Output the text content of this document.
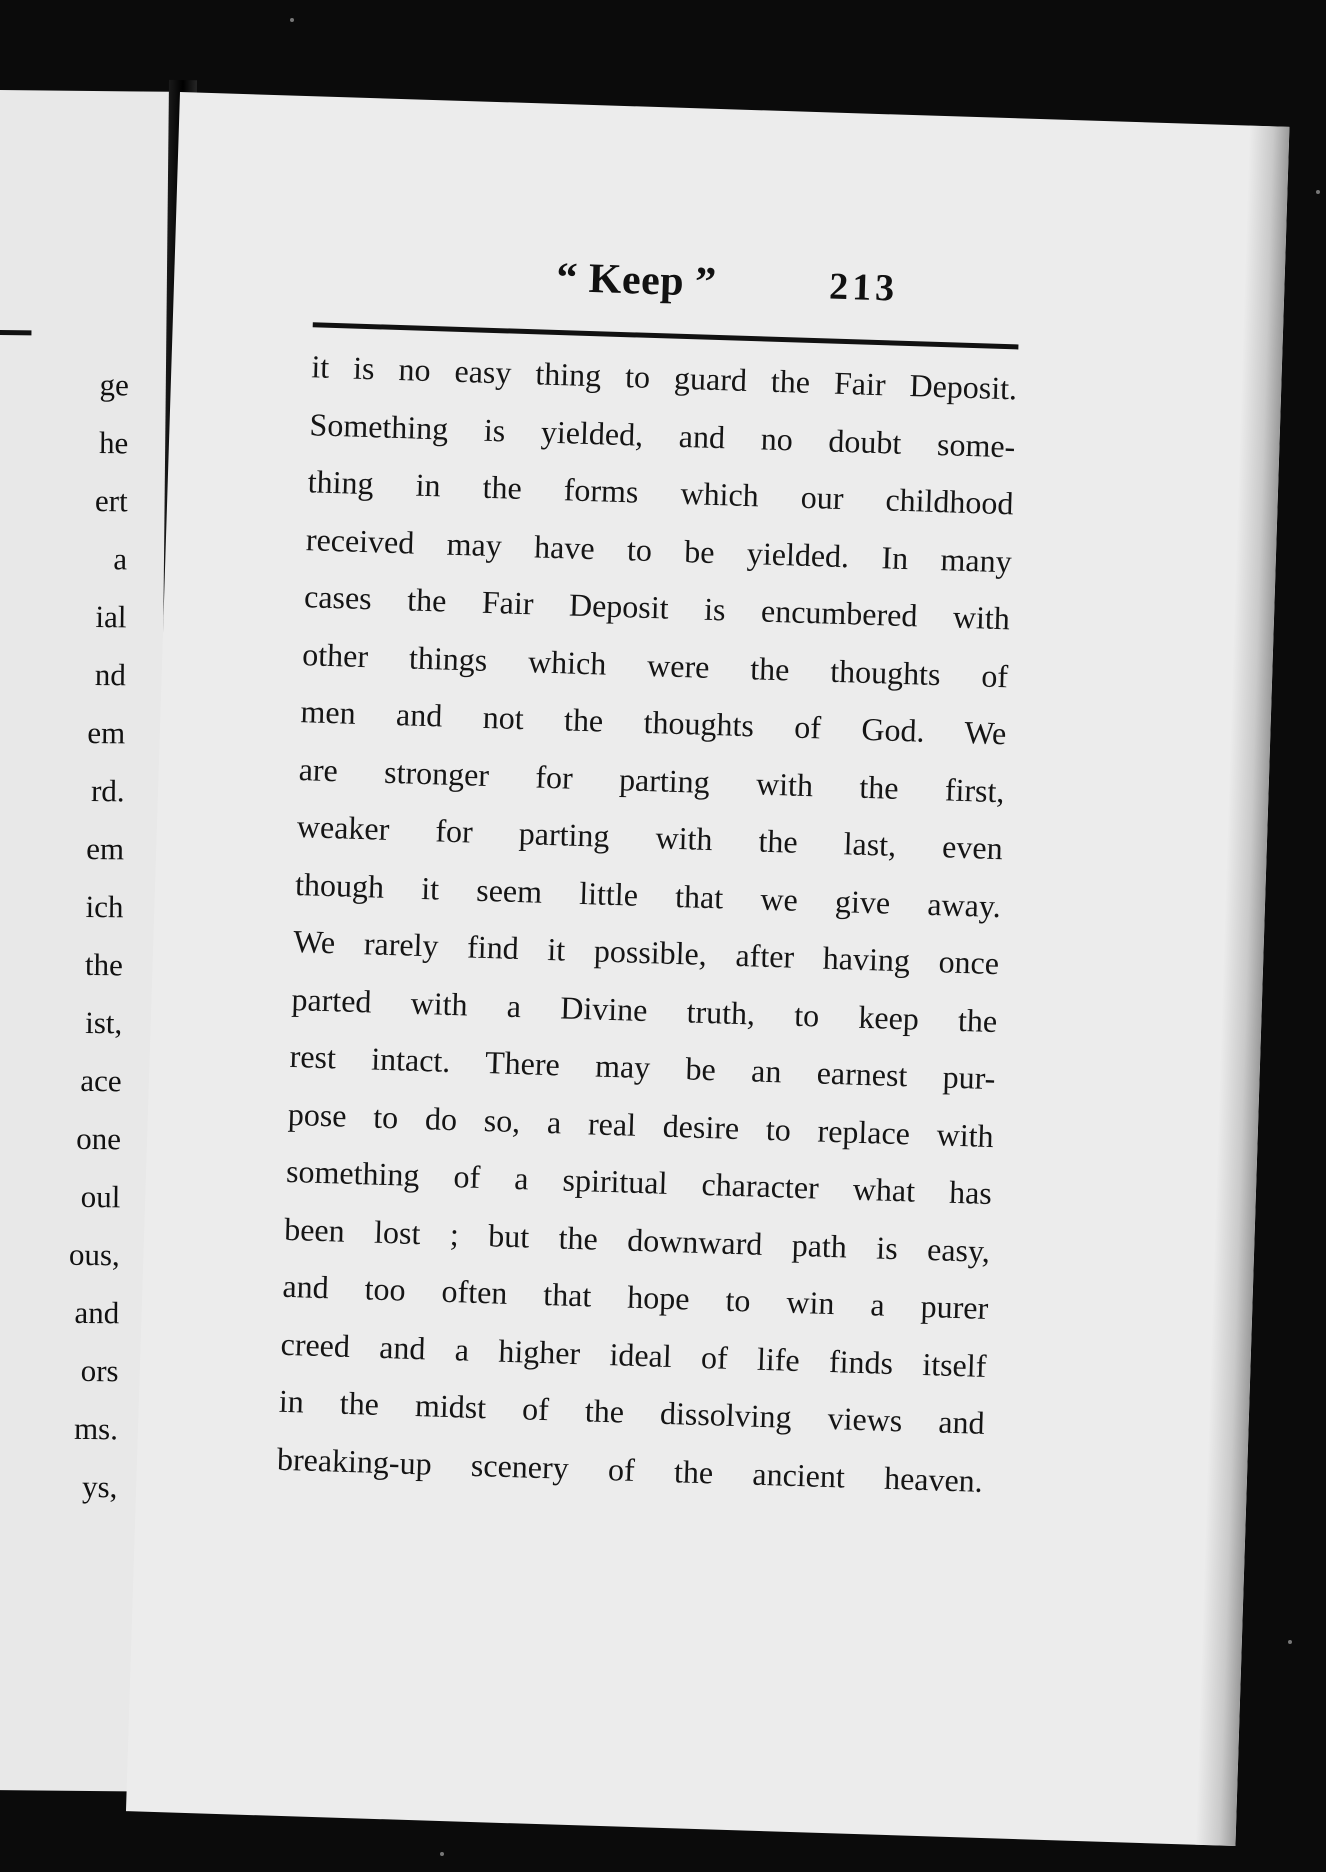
ge
he
ert
a
ial
nd
em
rd.
em
ich
the
ist,
ace
one
oul
ous,
and
ors
ms.
ys,
“ Keep ”	213
it is no easy thing to guard the Fair Deposit.
Something is yielded, and no doubt some-
thing in the forms which our childhood
received may have to be yielded. In many
cases the Fair Deposit is encumbered with
other things which were the thoughts of
men and not the thoughts of God. We
are stronger for parting with the first,
weaker for parting with the last, even
though it seem little that we give away.
We rarely find it possible, after having once
parted with a Divine truth, to keep the
rest intact. There may be an earnest pur-
pose to do so, a real desire to replace with
something of a spiritual character what has
been lost ; but the downward path is easy,
and too often that hope to win a purer
creed and a higher ideal of life finds itself
in the midst of the dissolving views and
breaking-up scenery of the ancient heaven.
